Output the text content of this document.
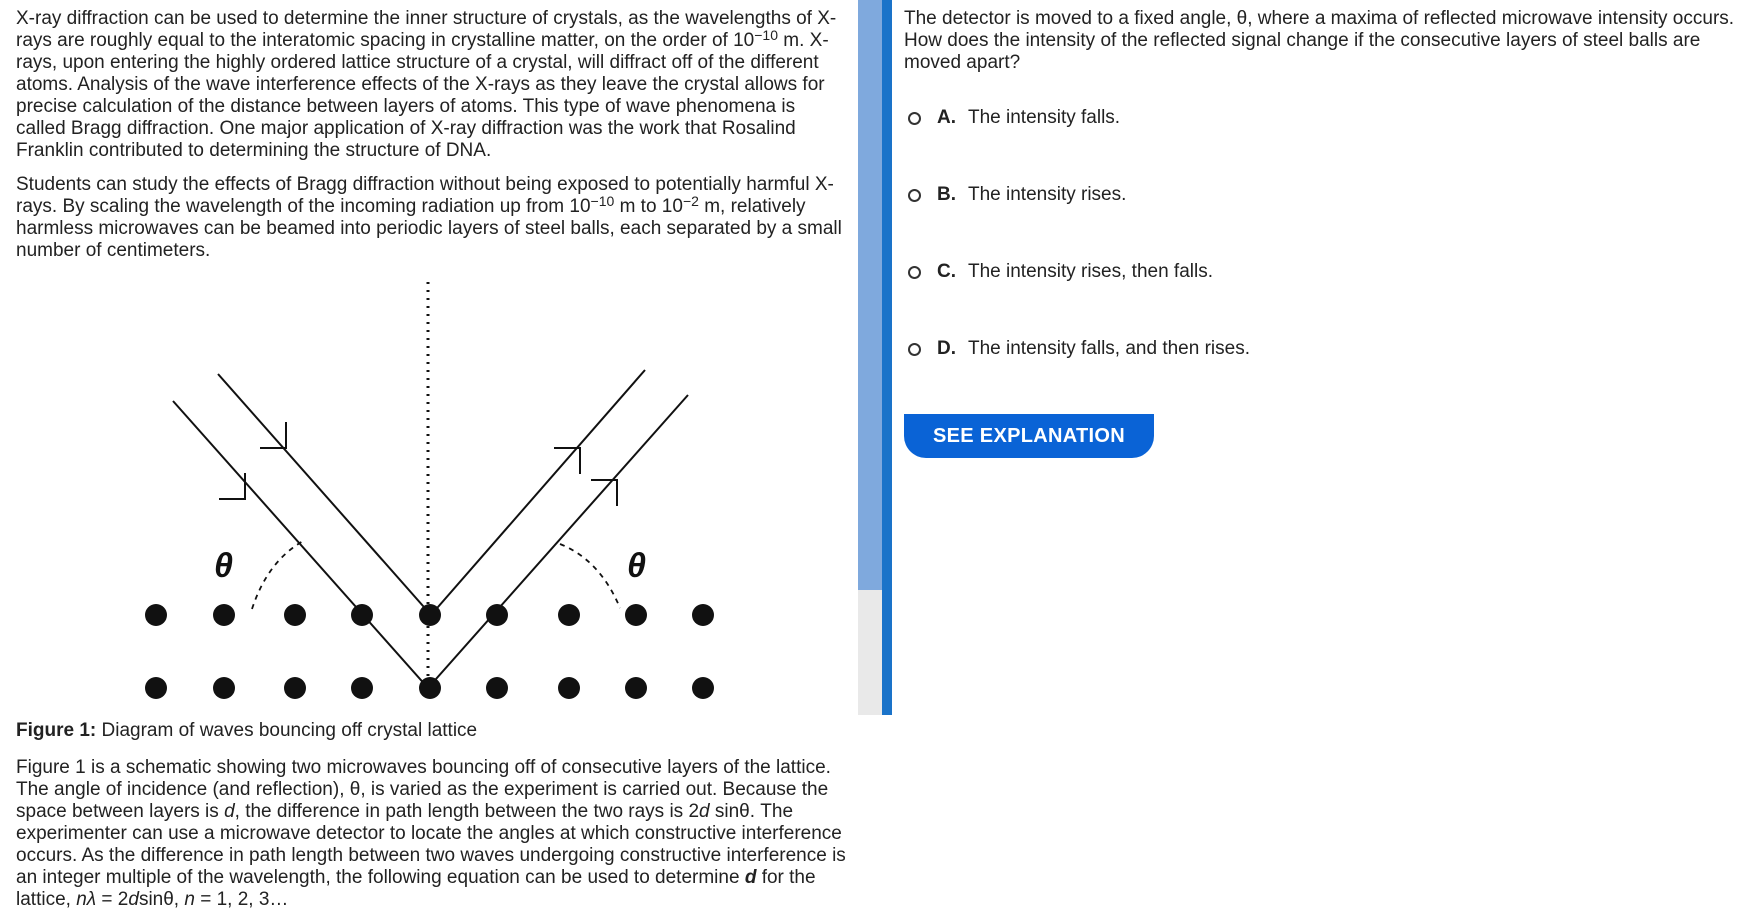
X-ray diffraction can be used to determine the inner structure of crystals, as the wavelengths of X-rays are roughly equal to the interatomic spacing in crystalline matter, on the order of $10^{-10}$ m. X-rays, upon entering the highly ordered lattice structure of a crystal, will diffract off of the different atoms. Analysis of the wave interference effects of the X-rays as they leave the crystal allows for precise calculation of the distance between layers of atoms. This type of wave phenomena is called Bragg diffraction. One major application of X-ray diffraction was the work that Rosalind Franklin contributed to determining the structure of DNA.

Students can study the effects of Bragg diffraction without being exposed to potentially harmful X-rays. By scaling the wavelength of the incoming radiation up from $10^{-10}$ m to $10^{-2}$ m, relatively harmless microwaves can be beamed into periodic layers of steel balls, each separated by a small number of centimeters.

θ	θ

Figure 1: Diagram of waves bouncing off crystal lattice

Figure 1 is a schematic showing two microwaves bouncing off of consecutive layers of the lattice. The angle of incidence (and reflection), θ, is varied as the experiment is carried out. Because the space between layers is d, the difference in path length between the two rays is 2d sinθ. The experimenter can use a microwave detector to locate the angles at which constructive interference occurs. As the difference in path length between two waves undergoing constructive interference is an integer multiple of the wavelength, the following equation can be used to determine d for the lattice, nλ = 2dsinθ, n = 1, 2, 3…

The detector is moved to a fixed angle, θ, where a maxima of reflected microwave intensity occurs. How does the intensity of the reflected signal change if the consecutive layers of steel balls are moved apart?

A. The intensity falls.
B. The intensity rises.
C. The intensity rises, then falls.
D. The intensity falls, and then rises.
SEE EXPLANATION
